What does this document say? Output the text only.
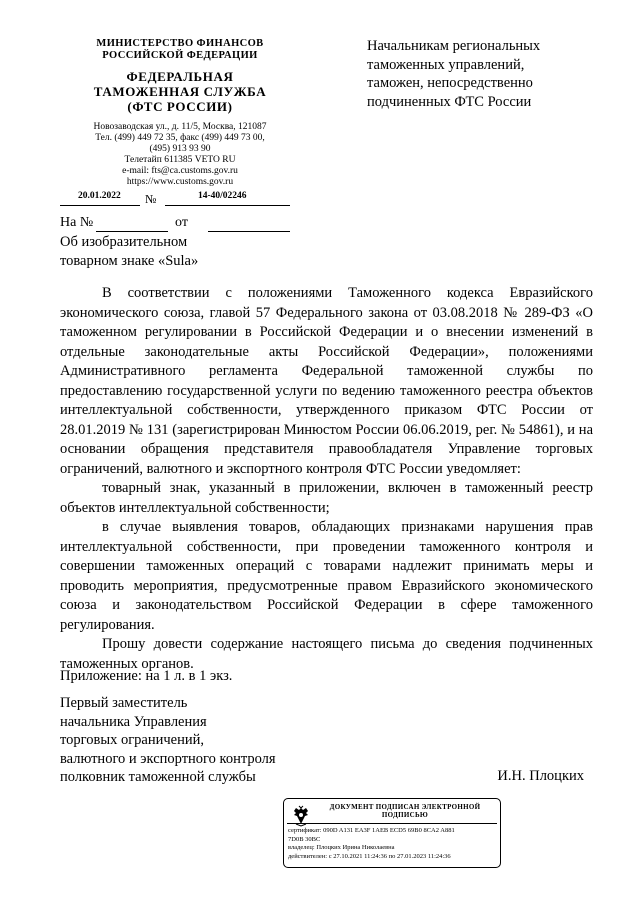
МИНИСТЕРСТВО ФИНАНСОВ
РОССИЙСКОЙ ФЕДЕРАЦИИ
ФЕДЕРАЛЬНАЯ
ТАМОЖЕННАЯ СЛУЖБА
(ФТС РОССИИ)
Новозаводская ул., д. 11/5, Москва, 121087
Тел. (499) 449 72 35, факс (499) 449 73 00,
(495) 913 93 90
Телетайп 611385 VETO RU
e-mail: fts@ca.customs.gov.ru
https://www.customs.gov.ru
20.01.2022 №	14-40/02246
На №	от
Об изобразительном
товарном знаке «Sula»
Начальникам региональных
таможенных управлений,
таможен, непосредственно
подчиненных ФТС России

В соответствии с положениями Таможенного кодекса Евразийского экономического союза, главой 57 Федерального закона от 03.08.2018 № 289-ФЗ «О таможенном регулировании в Российской Федерации и о внесении изменений в отдельные законодательные акты Российской Федерации», положениями Административного регламента Федеральной таможенной службы по предоставлению государственной услуги по ведению таможенного реестра объектов интеллектуальной собственности, утвержденного приказом ФТС России от 28.01.2019 № 131 (зарегистрирован Минюстом России 06.06.2019, рег. № 54861), и на основании обращения представителя правообладателя Управление торговых ограничений, валютного и экспортного контроля ФТС России уведомляет:

товарный знак, указанный в приложении, включен в таможенный реестр объектов интеллектуальной собственности;

в случае выявления товаров, обладающих признаками нарушения прав интеллектуальной собственности, при проведении таможенного контроля и совершении таможенных операций с товарами надлежит принимать меры и проводить мероприятия, предусмотренные правом Евразийского экономического союза и законодательством Российской Федерации в сфере таможенного регулирования.

Прошу довести содержание настоящего письма до сведения подчиненных таможенных органов.

Приложение: на 1 л. в 1 экз.
Первый заместитель
начальника Управления
торговых ограничений,
валютного и экспортного контроля
полковник таможенной службы	И.Н. Плоцких
ДОКУМЕНТ ПОДПИСАН ЭЛЕКТРОННОЙ
ПОДПИСЬЮ
сертификат: 090D A131 EA3F 1AEB ECD5 69B0 8CA2 A881
7D0B 30BC
владелец: Плоцких Ирина Николаевна
действителен: с 27.10.2021 11:24:36 по 27.01.2023 11:24:36
